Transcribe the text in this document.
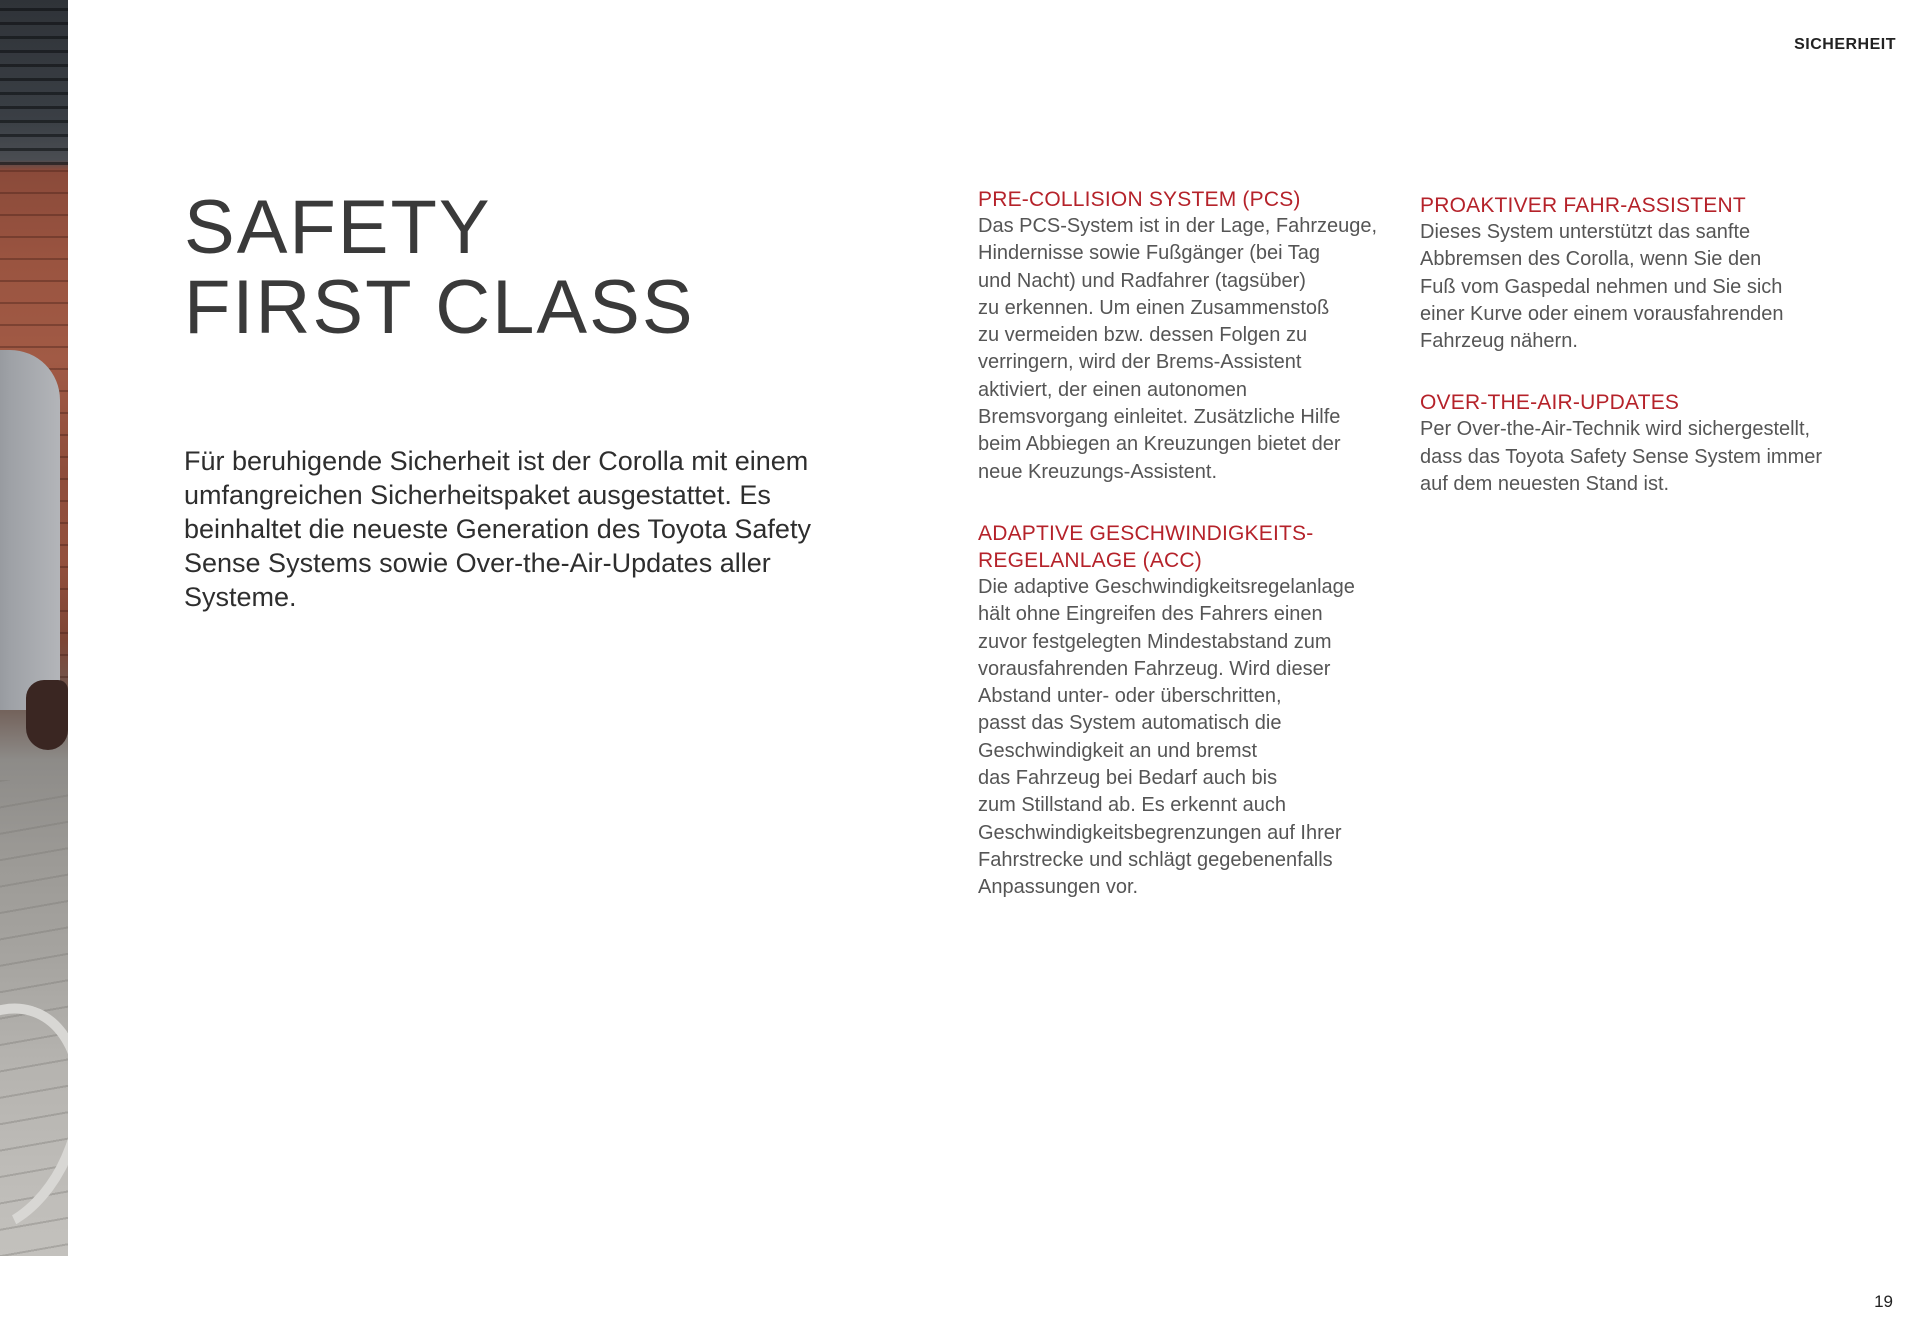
SICHERHEIT
SAFETY
FIRST CLASS

Für beruhigende Sicherheit ist der Corolla mit einem umfangreichen Sicherheitspaket ausgestattet. Es beinhaltet die neueste Generation des Toyota Safety Sense Systems sowie Over-the-Air-Updates aller Systeme.

PRE-COLLISION SYSTEM (PCS)

Das PCS-System ist in der Lage, Fahrzeuge,
Hindernisse sowie Fußgänger (bei Tag
und Nacht) und Radfahrer (tagsüber)
zu erkennen. Um einen Zusammenstoß
zu vermeiden bzw. dessen Folgen zu
verringern, wird der Brems-Assistent
aktiviert, der einen autonomen
Bremsvorgang einleitet. Zusätzliche Hilfe
beim Abbiegen an Kreuzungen bietet der
neue Kreuzungs-Assistent.

ADAPTIVE GESCHWINDIGKEITS-
REGELANLAGE (ACC)

Die adaptive Geschwindigkeitsregelanlage
hält ohne Eingreifen des Fahrers einen
zuvor festgelegten Mindestabstand zum
vorausfahrenden Fahrzeug. Wird dieser
Abstand unter- oder überschritten,
passt das System automatisch die
Geschwindigkeit an und bremst
das Fahrzeug bei Bedarf auch bis
zum Stillstand ab. Es erkennt auch
Geschwindigkeitsbegrenzungen auf Ihrer
Fahrstrecke und schlägt gegebenenfalls
Anpassungen vor.

PROAKTIVER FAHR-ASSISTENT

Dieses System unterstützt das sanfte
Abbremsen des Corolla, wenn Sie den
Fuß vom Gaspedal nehmen und Sie sich
einer Kurve oder einem vorausfahrenden
Fahrzeug nähern.

OVER-THE-AIR-UPDATES

Per Over-the-Air-Technik wird sichergestellt,
dass das Toyota Safety Sense System immer
auf dem neuesten Stand ist.

19
